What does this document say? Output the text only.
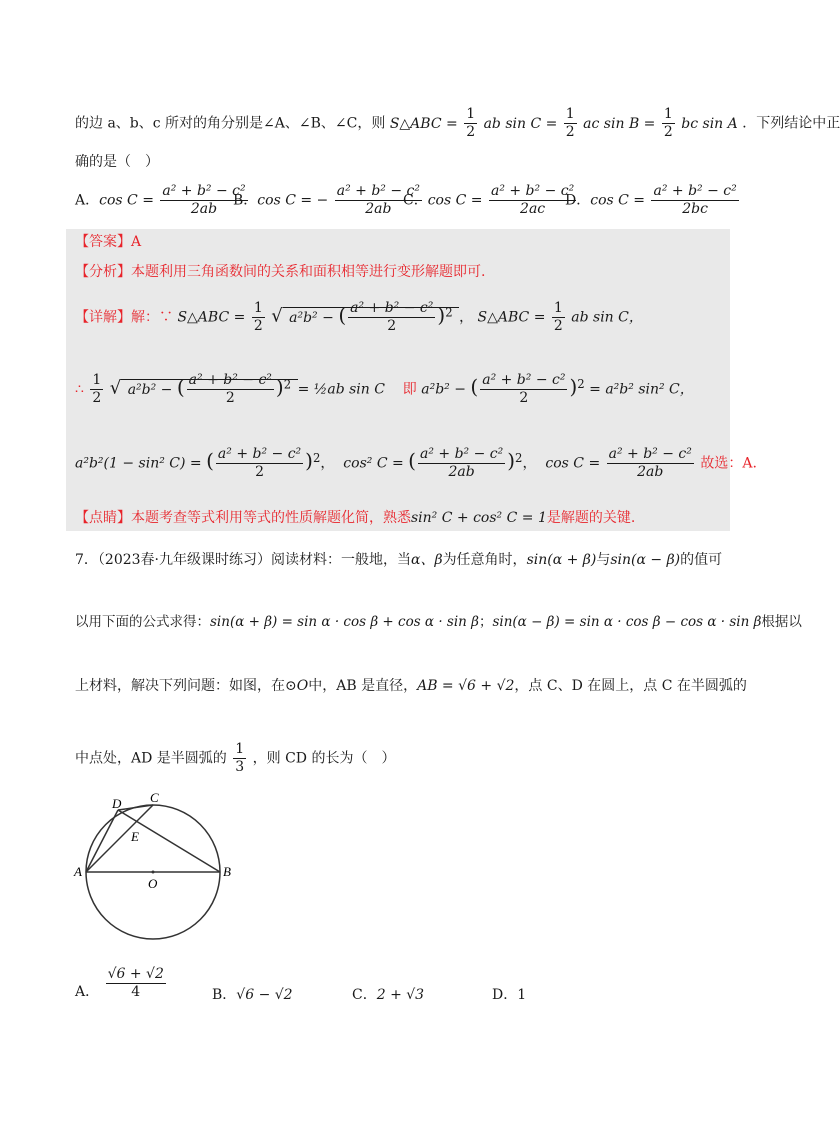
的边 a、b、c 所对的角分别是∠A、∠B、∠C，则 S△ABC = $\frac{1}{2}$ ab $\sin C = \frac{1}{2}$ ac $\sin B = \frac{1}{2}$ bc sin A ．下列结论中正
确的是（　）
A．$\cos C = \frac{\text{a² + b² − c²}}{2ab}$
B．cos C = − $\frac{\text{a² + b² − c²}}{2ab}$
C．$\cos C = \frac{\text{a² + b² − c²}}{2ac}$
D．$\cos C = \frac{\text{a² + b² − c²}}{2bc}$
【答案】A
【分析】本题利用三角函数间的关系和面积相等进行变形解题即可.
【详解】解：∵ S△ABC = $\frac{1}{2}$ √ a²b² − ( $\frac{\text{a² + b² − c²}}{2} )^2$ ， S△ABC = $\frac{1}{2}$ ab sin C，
∴ $\frac{1}{2}$ √ a²b² − ( $\frac{\text{a² + b² − c²}}{2} )^2$ = ½ab sin C 即 a²b² − ( $\frac{\text{a² + b² − c²}}{2} )^2 = a^2b^2$ sin² C，
a²b²(1 − sin² C) = ( $\frac{\text{a² + b² − c²}}{2} )^2$，  cos² C = ( $\frac{\text{a² + b² − c²}}{2ab} )^2$，  $\cos C = \frac{\text{a² + b² − c²}}{2ab}$ 故选：A.
【点睛】本题考查等式利用等式的性质解题化简，熟悉sin² C + cos² C = 1是解题的关键.
7．（2023春·九年级课时练习）阅读材料：一般地，当α、β为任意角时，sin(α + β)与sin(α − β)的值可
以用下面的公式求得：sin(α + β) = sin α · cos β + cos α · sin β；sin(α − β) = sin α · cos β − cos α · sin β根据以
上材料，解决下列问题：如图，在⊙O中，AB 是直径，AB = √6 + √2，点 C、D 在圆上，点 C 在半圆弧的
中点处，AD 是半圆弧的 $\frac{1}{3}$ ，则 CD 的长为（　）
A	B
C
D
E
O
A． $\frac{√6 + √2}{4}$	B．√6 − √2	C．2 + √3	D．1
